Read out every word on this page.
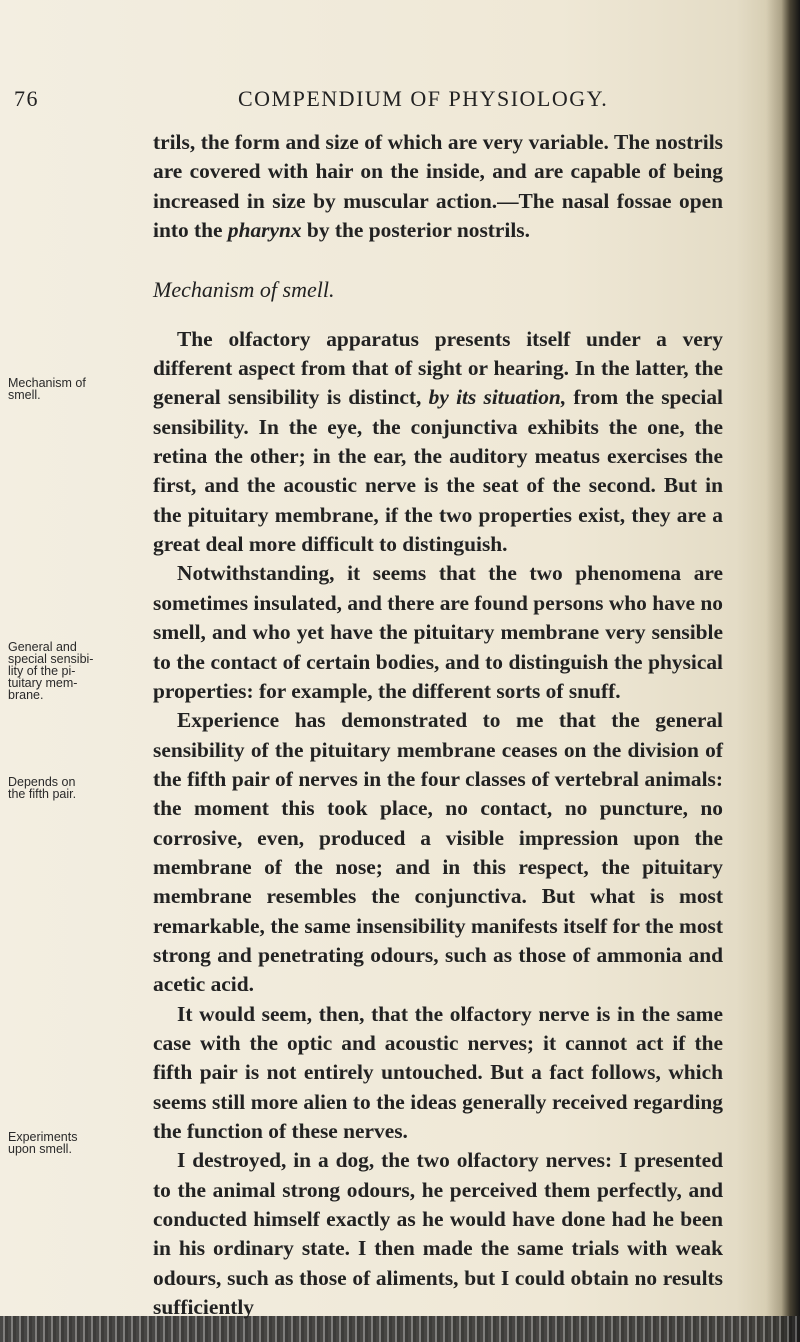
76	COMPENDIUM OF PHYSIOLOGY.
Mechanism of
smell.
General and
special sensibi-
lity of the pi-
tuitary mem-
brane.
Depends on
the fifth pair.
Experiments
upon smell.

trils, the form and size of which are very variable. The nostrils are covered with hair on the inside, and are capable of being increased in size by muscular action.—The nasal fossae open into the pharynx by the posterior nostrils.

Mechanism of smell.

The olfactory apparatus presents itself under a very different aspect from that of sight or hearing. In the latter, the general sensibility is distinct, by its situation, from the special sensibility. In the eye, the conjunctiva exhibits the one, the retina the other; in the ear, the auditory meatus exercises the first, and the acoustic nerve is the seat of the second. But in the pituitary membrane, if the two properties exist, they are a great deal more difficult to distinguish.

Notwithstanding, it seems that the two phenomena are sometimes insulated, and there are found persons who have no smell, and who yet have the pituitary membrane very sensible to the contact of certain bodies, and to distinguish the physical properties: for example, the different sorts of snuff.

Experience has demonstrated to me that the general sensibility of the pituitary membrane ceases on the division of the fifth pair of nerves in the four classes of vertebral animals: the moment this took place, no contact, no puncture, no corrosive, even, produced a visible impression upon the membrane of the nose; and in this respect, the pituitary membrane resembles the conjunctiva. But what is most remarkable, the same insensibility manifests itself for the most strong and penetrating odours, such as those of ammonia and acetic acid.

It would seem, then, that the olfactory nerve is in the same case with the optic and acoustic nerves; it cannot act if the fifth pair is not entirely untouched. But a fact follows, which seems still more alien to the ideas generally received regarding the function of these nerves.

I destroyed, in a dog, the two olfactory nerves: I presented to the animal strong odours, he perceived them perfectly, and conducted himself exactly as he would have done had he been in his ordinary state. I then made the same trials with weak odours, such as those of aliments, but I could obtain no results sufficiently
